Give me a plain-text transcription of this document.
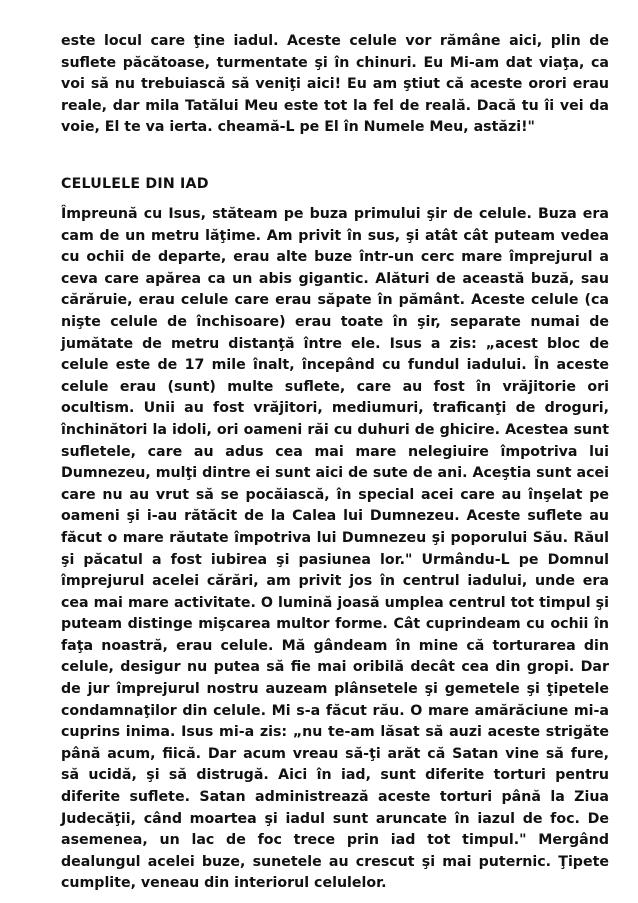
este locul care ţine iadul. Aceste celule vor rămâne aici, plin de suflete păcătoase, turmentate şi în chinuri. Eu Mi-am dat viaţa, ca voi să nu trebuiască să veniţi aici! Eu am ştiut că aceste orori erau reale, dar mila Tatălui Meu este tot la fel de reală. Dacă tu îi vei da voie, El te va ierta. cheamă-L pe El în Numele Meu, astăzi!"

CELULELE DIN IAD

Împreună cu Isus, stăteam pe buza primului şir de celule. Buza era cam de un metru lăţime. Am privit în sus, şi atât cât puteam vedea cu ochii de departe, erau alte buze într-un cerc mare împrejurul a ceva care apărea ca un abis gigantic. Alături de această buză, sau cărăruie, erau celule care erau săpate în pământ. Aceste celule (ca nişte celule de închisoare) erau toate în şir, separate numai de jumătate de metru distanţă între ele. Isus a zis: „acest bloc de celule este de 17 mile înalt, începând cu fundul iadului. În aceste celule erau (sunt) multe suflete, care au fost în vrăjitorie ori ocultism. Unii au fost vrăjitori, mediumuri, traficanţi de droguri, închinători la idoli, ori oameni răi cu duhuri de ghicire. Acestea sunt sufletele, care au adus cea mai mare nelegiuire împotriva lui Dumnezeu, mulţi dintre ei sunt aici de sute de ani. Aceştia sunt acei care nu au vrut să se pocăiască, în special acei care au înşelat pe oameni şi i-au rătăcit de la Calea lui Dumnezeu. Aceste suflete au făcut o mare răutate împotriva lui Dumnezeu şi poporului Său. Răul şi păcatul a fost iubirea şi pasiunea lor." Urmându-L pe Domnul împrejurul acelei cărări, am privit jos în centrul iadului, unde era cea mai mare activitate. O lumină joasă umplea centrul tot timpul şi puteam distinge mişcarea multor forme. Cât cuprindeam cu ochii în faţa noastră, erau celule. Mă gândeam în mine că torturarea din celule, desigur nu putea să fie mai oribilă decât cea din gropi. Dar de jur împrejurul nostru auzeam plânsetele şi gemetele şi ţipetele condamnaţilor din celule. Mi s-a făcut rău. O mare amărăciune mi-a cuprins inima. Isus mi-a zis: „nu te-am lăsat să auzi aceste strigăte până acum, fiică. Dar acum vreau să-ţi arăt că Satan vine să fure, să ucidă, şi să distrugă. Aici în iad, sunt diferite torturi pentru diferite suflete. Satan administrează aceste torturi până la Ziua Judecăţii, când moartea şi iadul sunt aruncate în iazul de foc. De asemenea, un lac de foc trece prin iad tot timpul." Mergând dealungul acelei buze, sunetele au crescut şi mai puternic. Ţipete cumplite, veneau din interiorul celulelor.
